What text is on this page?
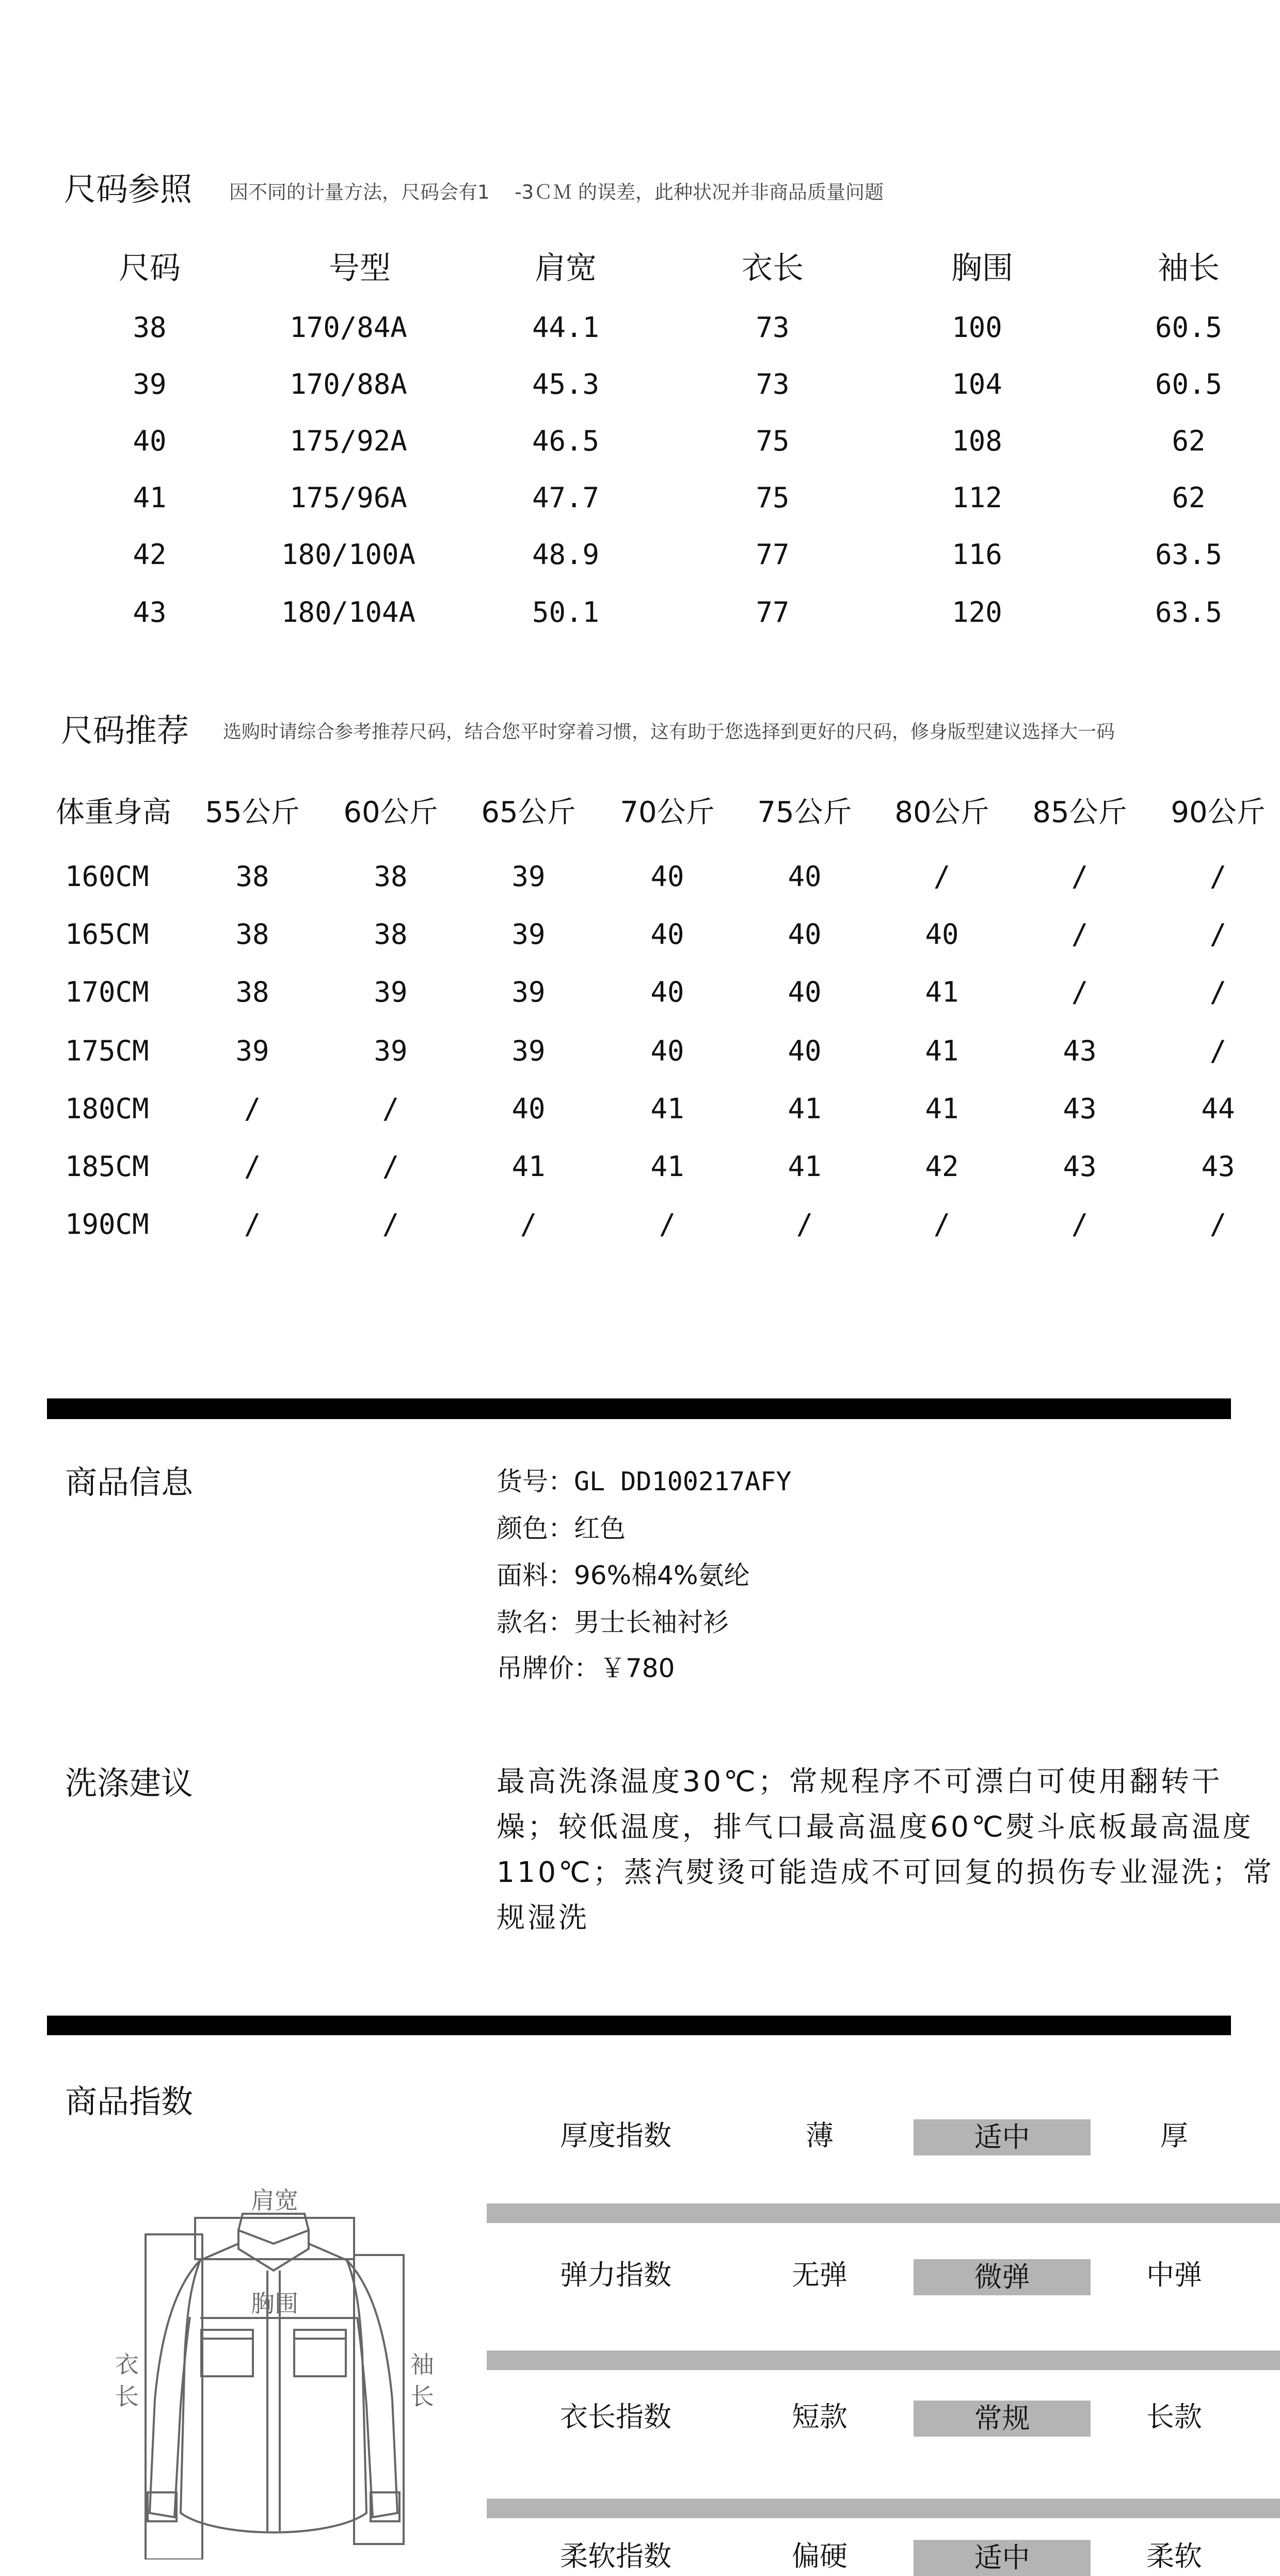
尺码参照 因不同的计量方法，尺码会有1　 -3ＣＭ 的误差，此种状况并非商品质量问题
尺码	号型	肩宽	衣长	胸围	袖长
38	170/84A	44.1	73	100	60.5
39	170/88A	45.3	73	104	60.5
40	175/92A	46.5	75	108	62
41	175/96A	47.7	75	112	62
42	180/100A	48.9	77	116	63.5
43	180/104A	50.1	77	120	63.5
尺码推荐 选购时请综合参考推荐尺码，结合您平时穿着习惯，这有助于您选择到更好的尺码，修身版型建议选择大一码
体重身高 55公斤 60公斤 65公斤 70公斤 75公斤 80公斤 85公斤 90公斤
160CM	38	38	39	40	40	/	/	/
165CM	38	38	39	40	40	40	/	/
170CM	38	39	39	40	40	41	/	/
175CM	39	39	39	40	40	41	43	/
180CM	/	/	40	41	41	41	43	44
185CM	/	/	41	41	41	42	43	43
190CM	/	/	/	/	/	/	/	/
商品信息	货号：GL DD100217AFY
颜色：红色
面料：96%棉4%氨纶
款名：男士长袖衬衫
吊牌价：￥780
洗涤建议	最高洗涤温度30℃；常规程序不可漂白可使用翻转干燥；较低温度，排气口最高温度60℃熨斗底板最高温度110℃；蒸汽熨烫可能造成不可回复的损伤专业湿洗；常规湿洗
商品指数
肩宽
胸围
衣
长
袖
长
厚度指数	薄	适中	厚
弹力指数	无弹	微弹	中弹
衣长指数	短款	常规	长款
柔软指数	偏硬	适中	柔软
